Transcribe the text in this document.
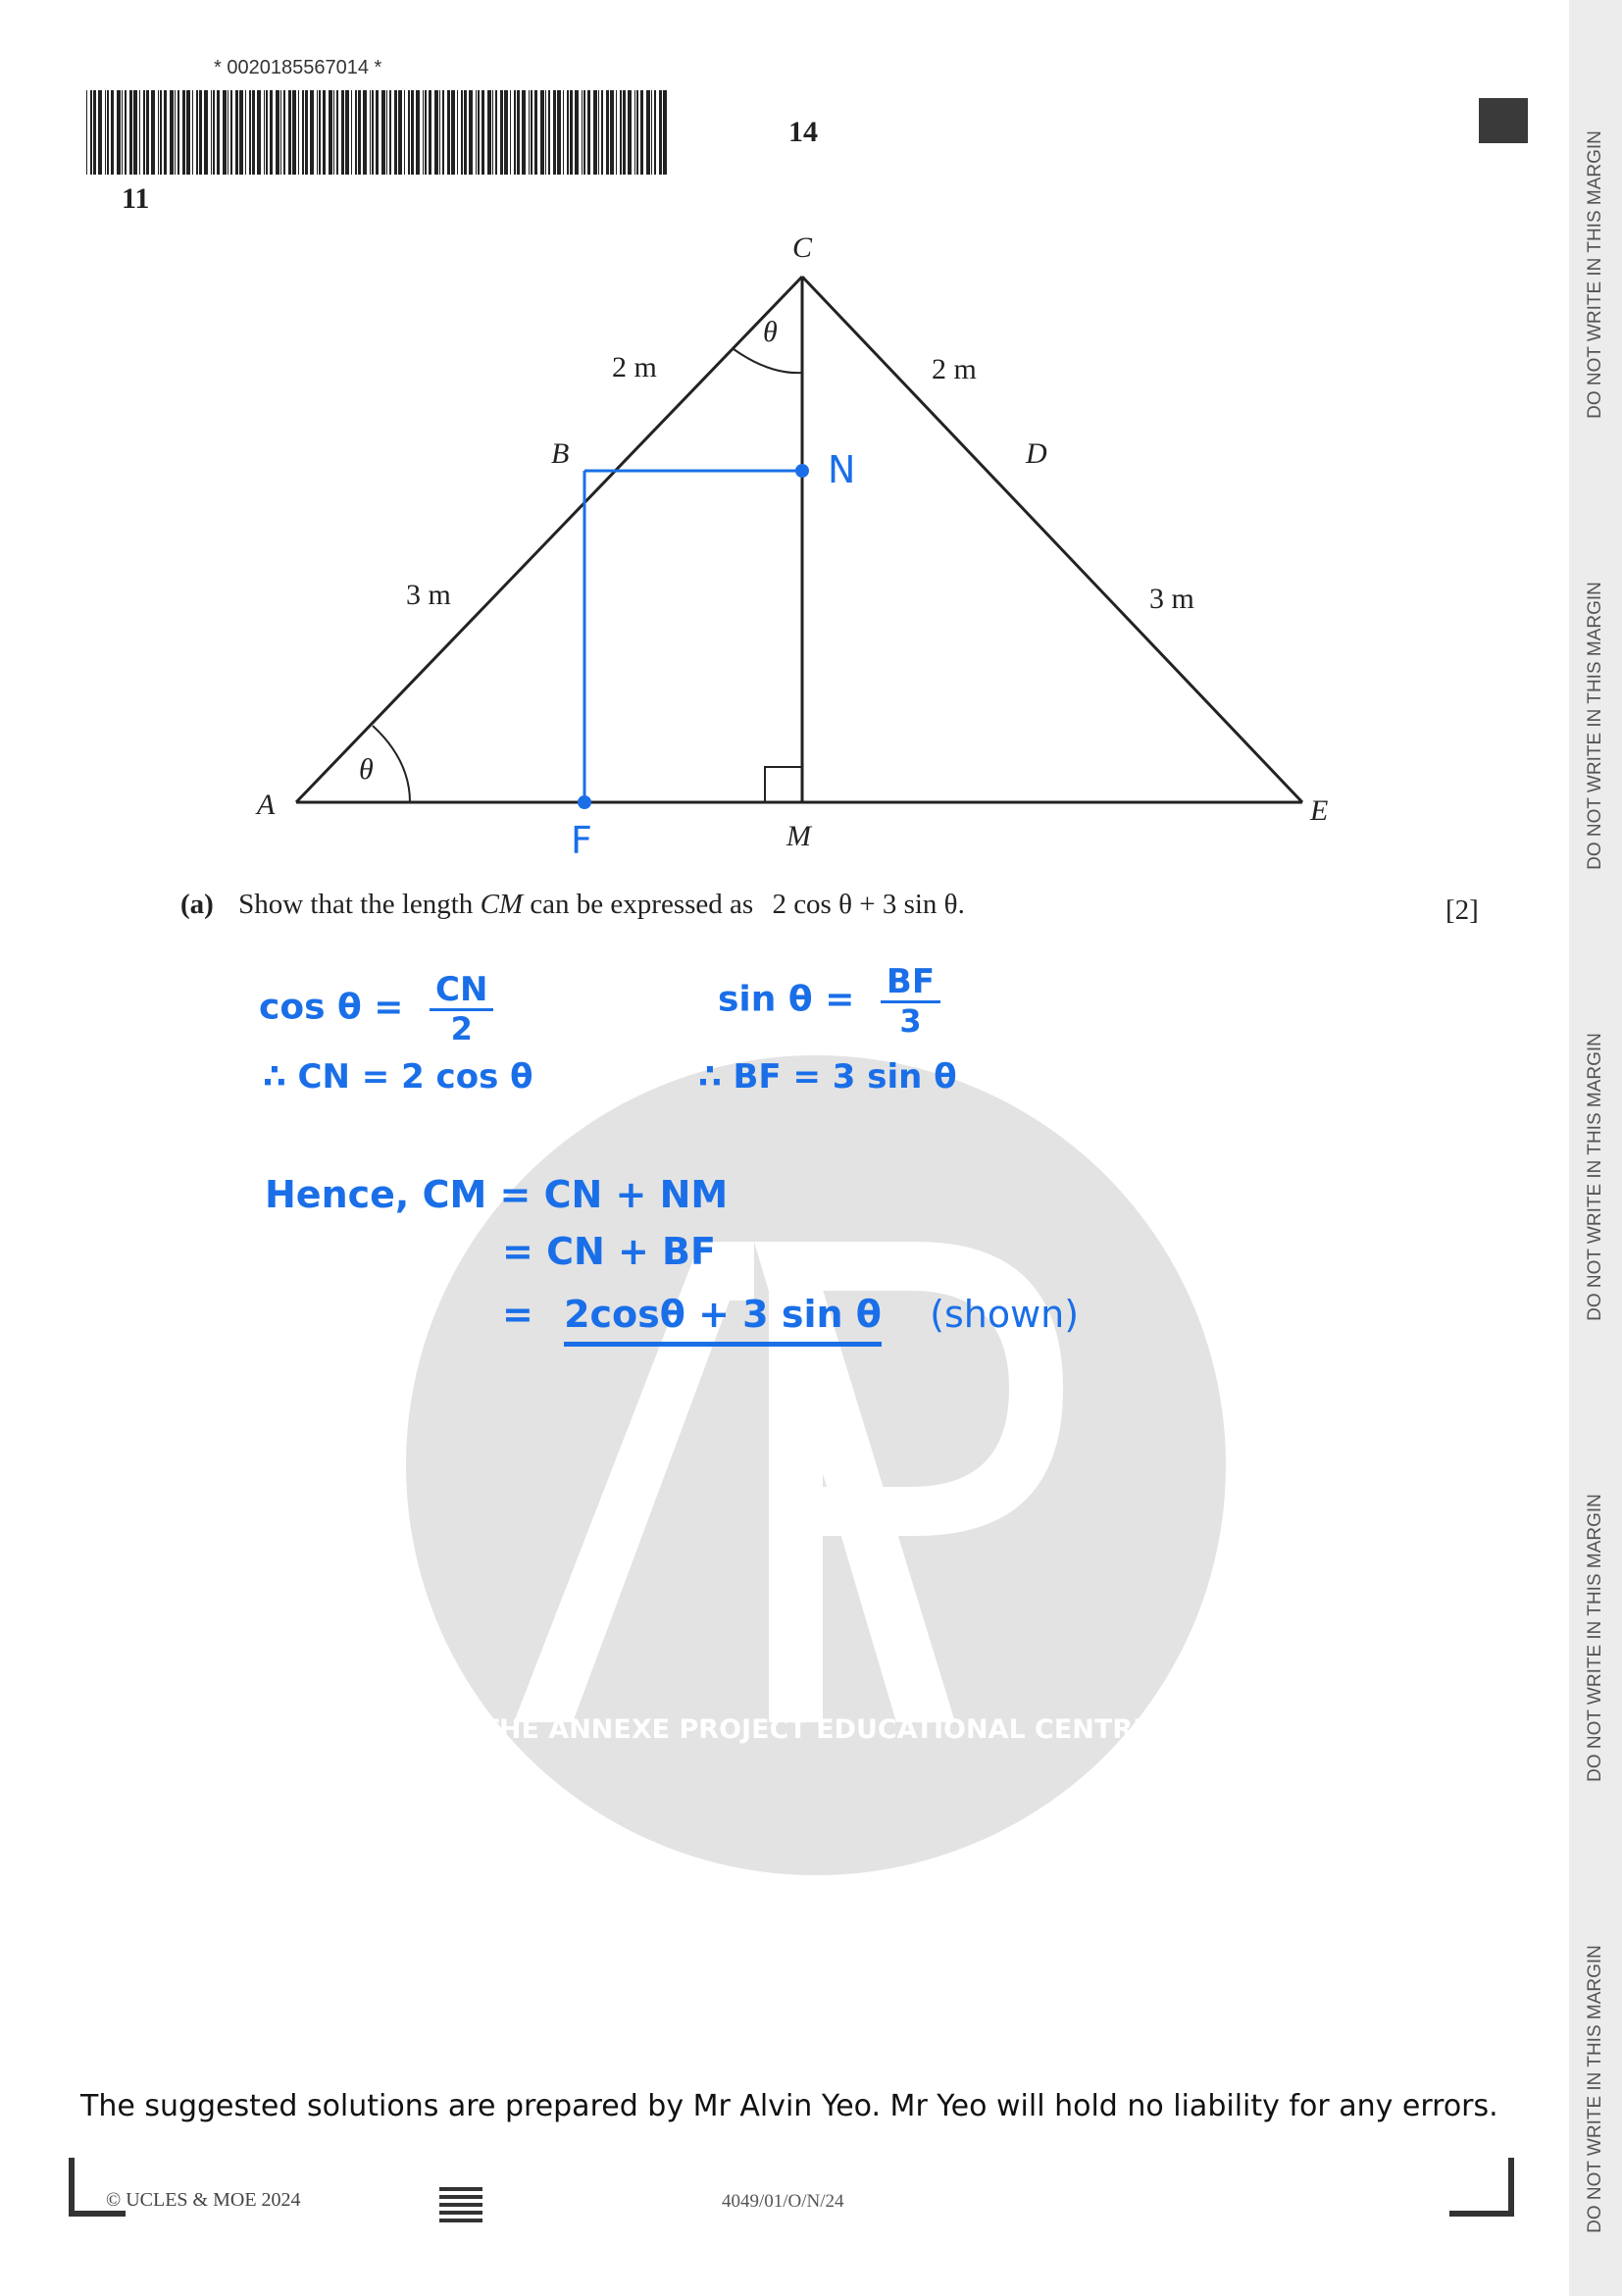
* 0020185567014 *
11
14	DO NOT WRITE IN THIS MARGIN
DO NOT WRITE IN THIS MARGIN
DO NOT WRITE IN THIS MARGIN
DO NOT WRITE IN THIS MARGIN
DO NOT WRITE IN THIS MARGIN
THE ANNEXE PROJECT EDUCATIONAL CENTRE
C
B	D
A	E
M
N
F
2 m	2 m
3 m	3 m
θ
θ
(a) Show that the length CM can be expressed as 2 cos θ + 3 sin θ.	[2]
$\cos \theta = \frac{CN}{2}$	$\sin \theta = \frac{BF}{3}$
∴ CN = 2 cos θ	∴ BF = 3 sin θ
Hence, CM = CN + NM
= CN + BF
= 2cosθ + 3 sin θ (shown)
The suggested solutions are prepared by Mr Alvin Yeo. Mr Yeo will hold no liability for any errors.
© UCLES & MOE 2024	4049/01/O/N/24
